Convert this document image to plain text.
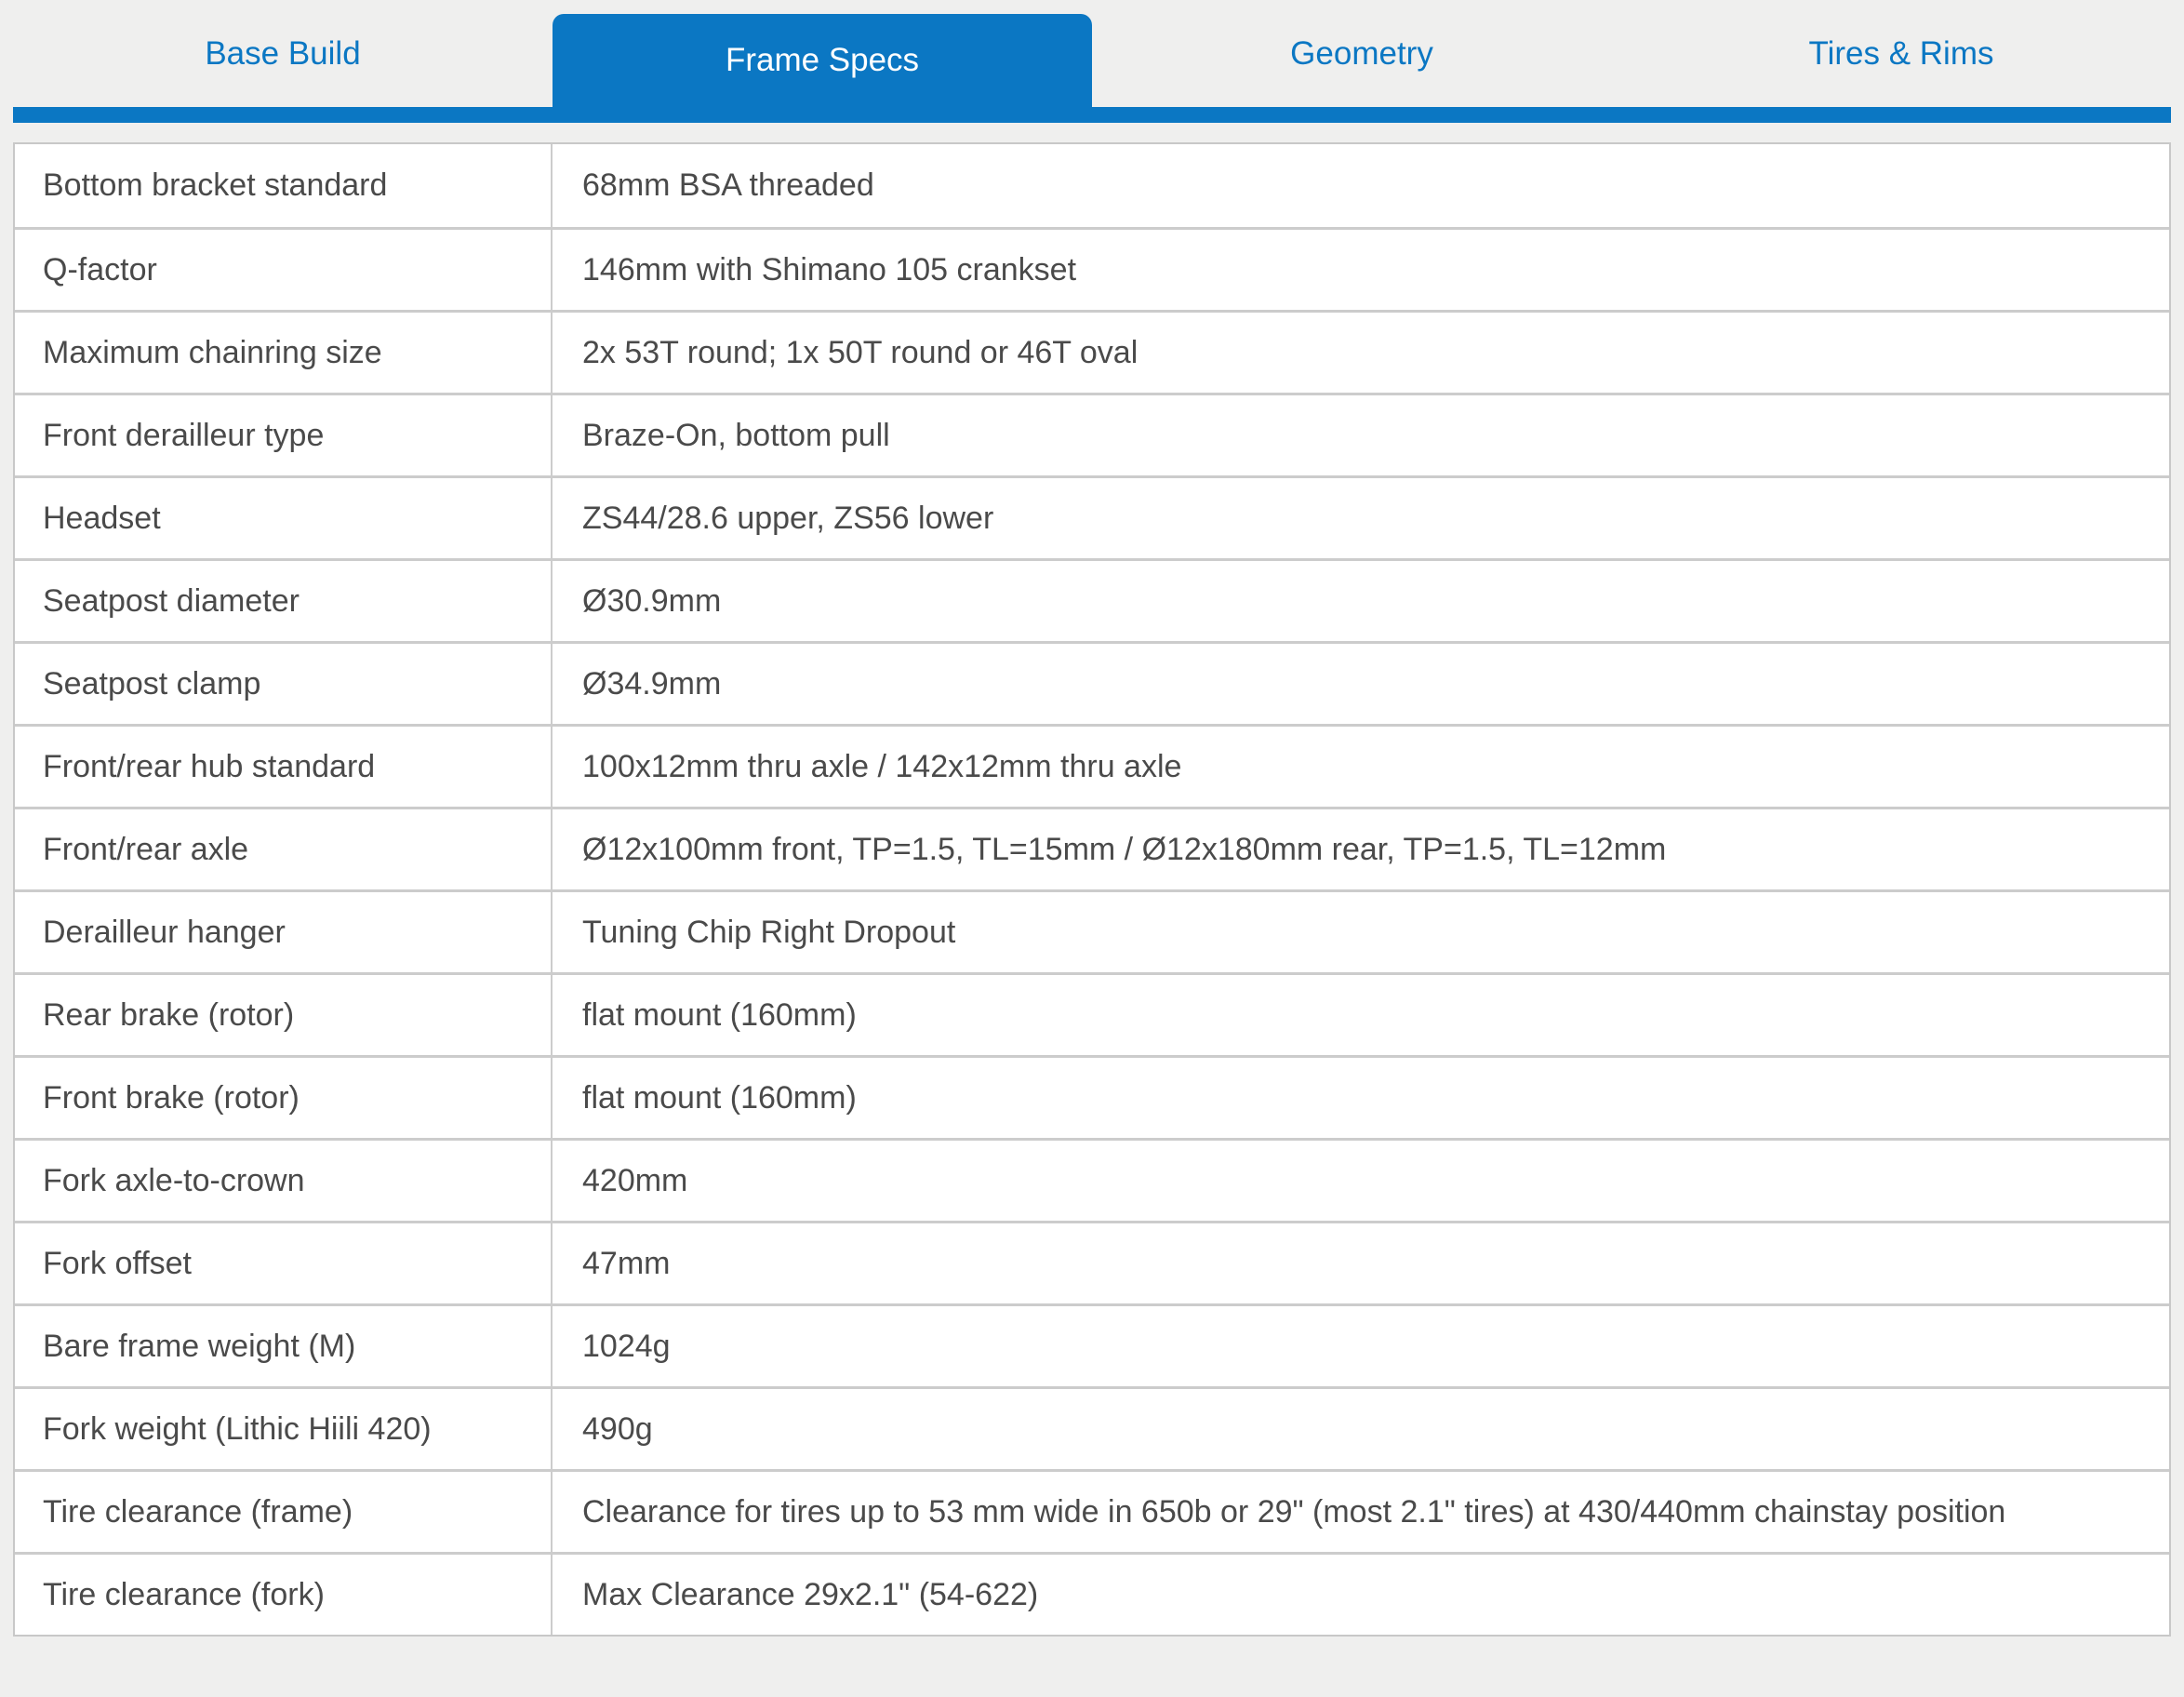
Base Build	Frame Specs	Geometry	Tires & Rims
Bottom bracket standard	68mm BSA threaded
Q-factor	146mm with Shimano 105 crankset
Maximum chainring size	2x 53T round; 1x 50T round or 46T oval
Front derailleur type	Braze-On, bottom pull
Headset	ZS44/28.6 upper, ZS56 lower
Seatpost diameter	Ø30.9mm
Seatpost clamp	Ø34.9mm
Front/rear hub standard	100x12mm thru axle / 142x12mm thru axle
Front/rear axle	Ø12x100mm front, TP=1.5, TL=15mm / Ø12x180mm rear, TP=1.5, TL=12mm
Derailleur hanger	Tuning Chip Right Dropout
Rear brake (rotor)	flat mount (160mm)
Front brake (rotor)	flat mount (160mm)
Fork axle-to-crown	420mm
Fork offset	47mm
Bare frame weight (M)	1024g
Fork weight (Lithic Hiili 420)	490g
Tire clearance (frame)	Clearance for tires up to 53 mm wide in 650b or 29" (most 2.1" tires) at 430/440mm chainstay position
Tire clearance (fork)	Max Clearance 29x2.1" (54-622)
